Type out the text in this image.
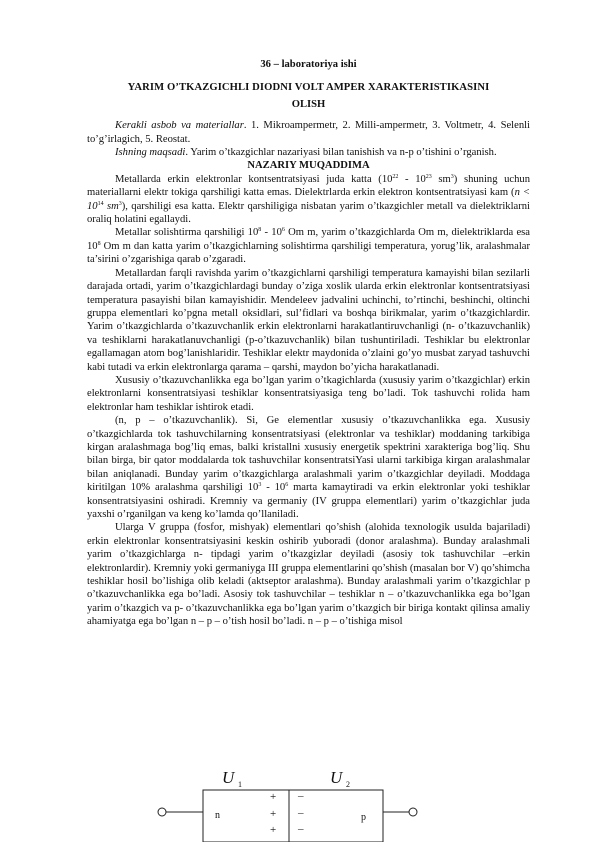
36 – laboratoriya ishi

YARIM O’TKAZGICHLI DIODNI VOLT AMPER XARAKTERISTIKASINI

OLISH

Kerakli asbob va materiallar. 1. Mikroampermetr, 2. Milli-ampermetr, 3. Voltmetr, 4. Selenli to’g’irlagich, 5. Reostat.

Ishning maqsadi. Yarim o’tkazgichlar nazariyasi bilan tanishish va n-p o’tishini o’rganish.

NAZARIY MUQADDIMA

Metallarda erkin elektronlar kontsentratsiyasi juda katta ($10^{22} - 10^{23}$ $sm^3$) shuning uchun materiallarni elektr tokiga qarshiligi katta emas. Dielektrlarda erkin elektron kontsentratsiyasi kam ($n < 10^{14}$ $sm^3$), qarshiligi esa katta. Elektr qarshiligiga nisbatan yarim o’tkazgichler metall va dielektriklarni oraliq holatini egallaydi.

Metallar solishtirma qarshiligi $10^8 - 10^6$ Om m, yarim o’tkazgichlarda Om m, dielektriklarda esa $10^8$ Om m dan katta yarim o’tkazgichlarning solishtirma qarshiligi temperatura, yorug’lik, aralashmalar ta’sirini o’zgarishiga qarab o’zgaradi.

Metallardan farqli ravishda yarim o’tkazgichlarni qarshiligi temperatura kamayishi bilan sezilarli darajada ortadi, yarim o’tkazgichlardagi bunday o’ziga xoslik ularda erkin elektronlar kontsentratsiyasi temperatura pasayishi bilan kamayishidir. Mendeleev jadvalini uchinchi, to’rtinchi, beshinchi, oltinchi gruppa elementlari ko’pgna metall oksidlari, sul’fidlari va boshqa birikmalar, yarim o’tkazgichlardir. Yarim o’tkazgichlarda o’tkazuvchanlik erkin elektronlarni harakatlantiruvchanligi (n- o’tkazuvchanlik) va teshiklarni harakatlanuvchanligi (p-o’tkazuvchanlik) bilan tushuntiriladi. Teshiklar bu elektronlar egallamagan atom bog’lanishlaridir. Teshiklar elektr maydonida o’zlaini go’yo musbat zaryad tashuvchi kabi tutadi va erkin elektronlarga qarama – qarshi, maydon bo’yicha harakatlanadi.

Xususiy o’tkazuvchanlikka ega bo’lgan yarim o’tkagichlarda (xususiy yarim o’tkazgichlar) erkin elektronlarni konsentratsiyasi teshiklar konsentratsiyasiga teng bo’ladi. Tok tashuvchi rolida ham elektronlar ham teshiklar ishtirok etadi.

(n, p – o’tkazuvchanlik). Si, Ge elementlar xususiy o’tkazuvchanlikka ega. Xususiy o’tkazgichlarda tok tashuvchilarning konsentratsiyasi (elektronlar va teshiklar) moddaning tarkibiga kirgan aralashmaga bog’liq emas, balki kristallni xususiy energetik spektrini xarakteriga bog’liq. Shu bilan birga, bir qator moddalarda tok tashuvchilar konsentratsiYasi ularni tarkibiga kirgan aralashmalar bilan aniqlanadi. Bunday yarim o’tkazgichlarga aralashmali yarim o’tkazgichlar deyiladi. Moddaga kiritilgan 10% aralashma qarshiligi $10^3 - 10^6$ marta kamaytiradi va erkin elektronlar yoki teshiklar konsentratsiyasini oshiradi. Kremniy va germaniy (IV gruppa elementlari) yarim o’tkazgichlar juda yaxshi o’rganilgan va keng ko’lamda qo’llaniladi.

Ularga V gruppa (fosfor, mishyak) elementlari qo’shish (alohida texnologik usulda bajariladi) erkin elektronlar konsentratsiyasini keskin oshirib yuboradi (donor aralashma). Bunday aralashmali yarim o’tkazgichlarga n- tipdagi yarim o’tkazgizlar deyiladi (asosiy tok tashuvchilar –erkin elektronlardir). Kremniy yoki germaniyga III gruppa elementlarini qo’shish (masalan bor V) qo’shimcha teshiklar hosil bo’lishiga olib keladi (aktseptor aralashma). Bunday aralashmali yarim o’tkazgichlar p o’tkazuvchanlikka ega bo’ladi. Asosiy tok tashuvchilar – teshiklar n – o’tkazuvchanlikka ega bo’lgan yarim o’tkazgich va p- o’tkazuvchanlikka ega bo’lgan yarim o’tkazgich bir biriga kontakt qilinsa amaliy ahamiyatga ega bo’lgan n – p – o’tish hosil bo’ladi. n – p – o’tishiga misol

U 1	U 2
n	p
+
+
+
–
–
–
